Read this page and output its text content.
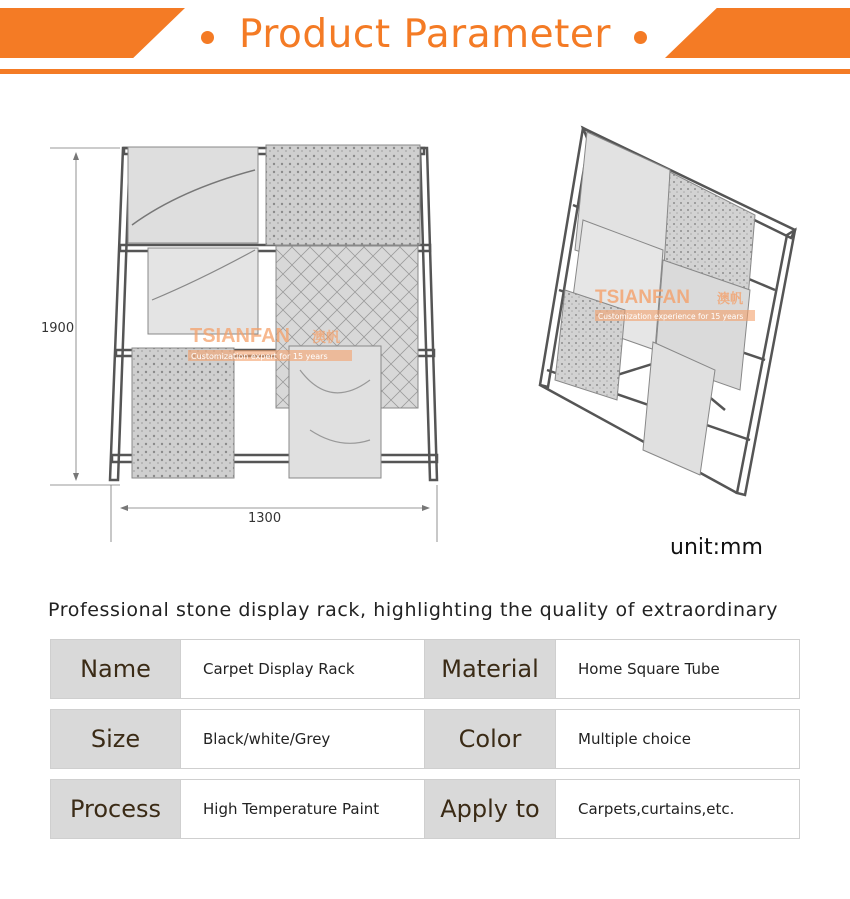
Product Parameter
TSIANFAN 澳帆
Customization expert for 15 years
1900
1300
TSIANFAN 澳帆
Customization experience for 15 years
unit:mm
Professional stone display rack, highlighting the quality of extraordinary
Name	Carpet Display Rack	Material	Home Square Tube
Size	Black/white/Grey	Color	Multiple choice
Process	High Temperature Paint	Apply to	Carpets,curtains,etc.
